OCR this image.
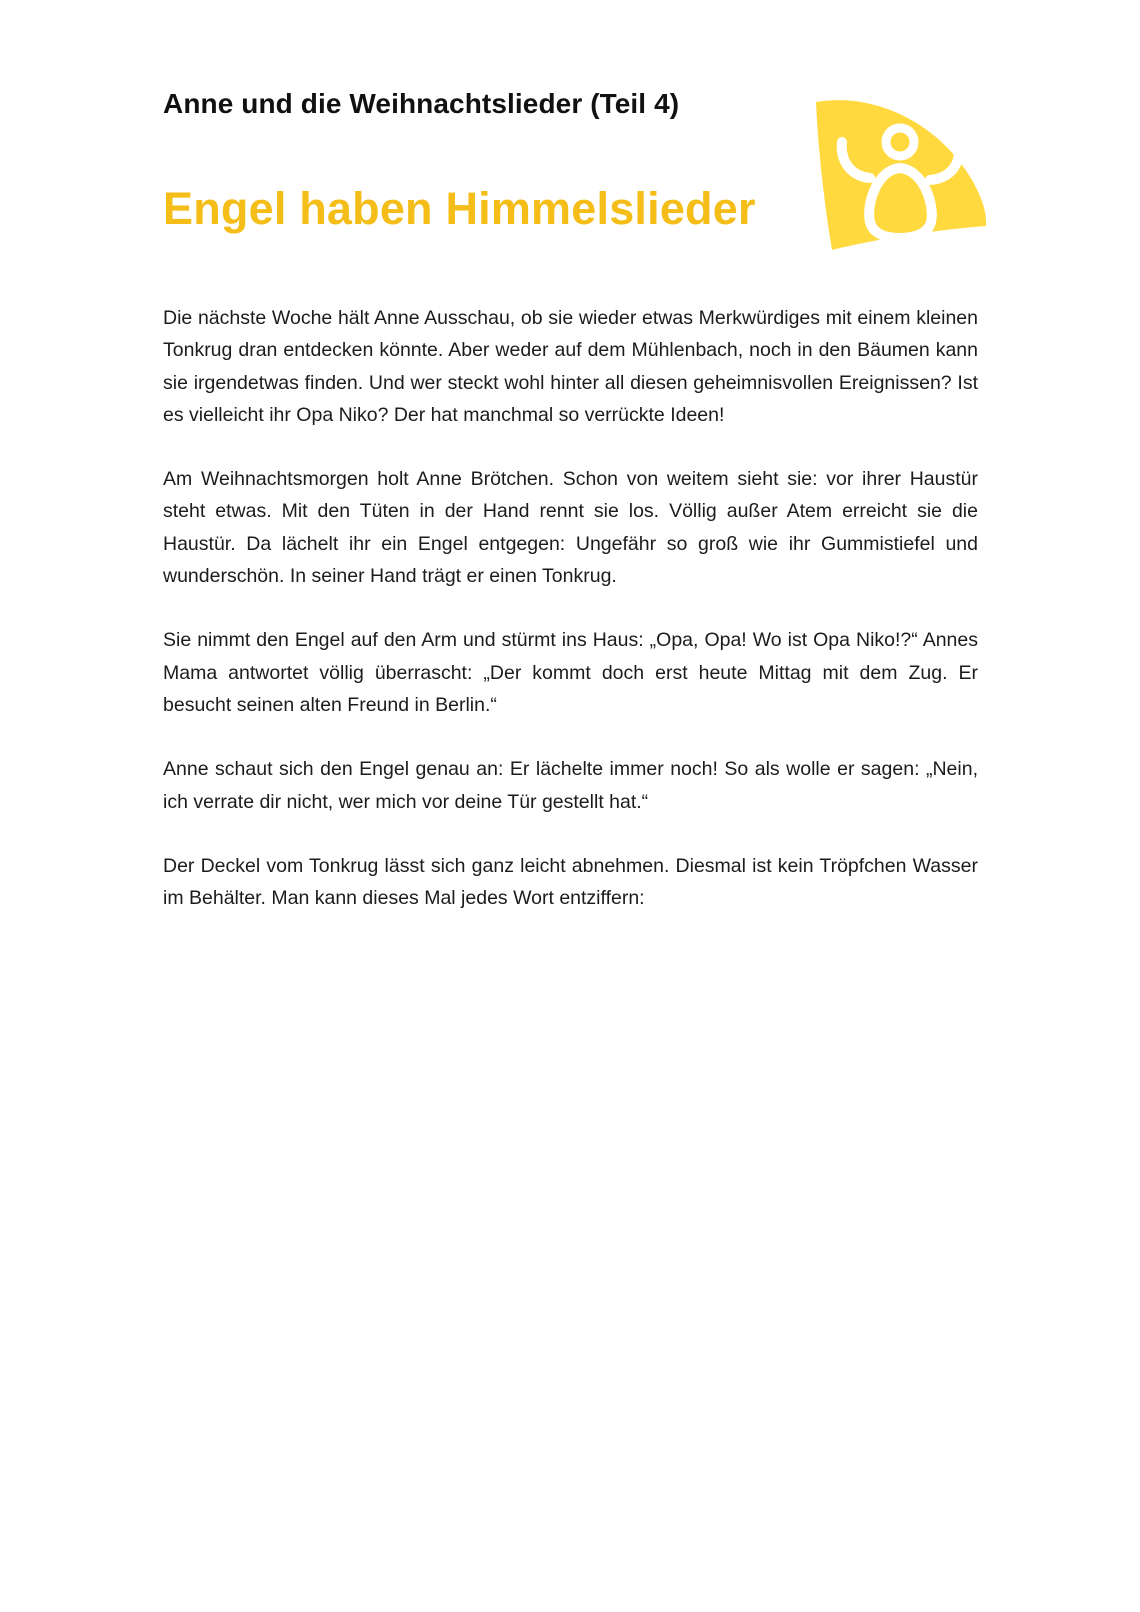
Anne und die Weihnachtslieder (Teil 4)
Engel haben Himmelslieder

Die nächste Woche hält Anne Ausschau, ob sie wieder etwas Merkwürdiges mit einem kleinen Tonkrug dran entdecken könnte. Aber weder auf dem Mühlenbach, noch in den Bäumen kann sie irgendetwas finden. Und wer steckt wohl hinter all diesen geheimnisvollen Ereignissen? Ist es vielleicht ihr Opa Niko? Der hat manchmal so verrückte Ideen!

Am Weihnachtsmorgen holt Anne Brötchen. Schon von weitem sieht sie: vor ihrer Haustür steht etwas. Mit den Tüten in der Hand rennt sie los. Völlig außer Atem erreicht sie die Haustür. Da lächelt ihr ein Engel entgegen: Ungefähr so groß wie ihr Gummistiefel und wunderschön. In seiner Hand trägt er einen Tonkrug.

Sie nimmt den Engel auf den Arm und stürmt ins Haus: „Opa, Opa! Wo ist Opa Niko!?“ Annes Mama antwortet völlig überrascht: „Der kommt doch erst heute Mittag mit dem Zug. Er besucht seinen alten Freund in Berlin.“

Anne schaut sich den Engel genau an: Er lächelte immer noch! So als wolle er sagen: „Nein, ich verrate dir nicht, wer mich vor deine Tür gestellt hat.“

Der Deckel vom Tonkrug lässt sich ganz leicht abnehmen. Diesmal ist kein Tröpfchen Wasser im Behälter. Man kann dieses Mal jedes Wort entziffern:
